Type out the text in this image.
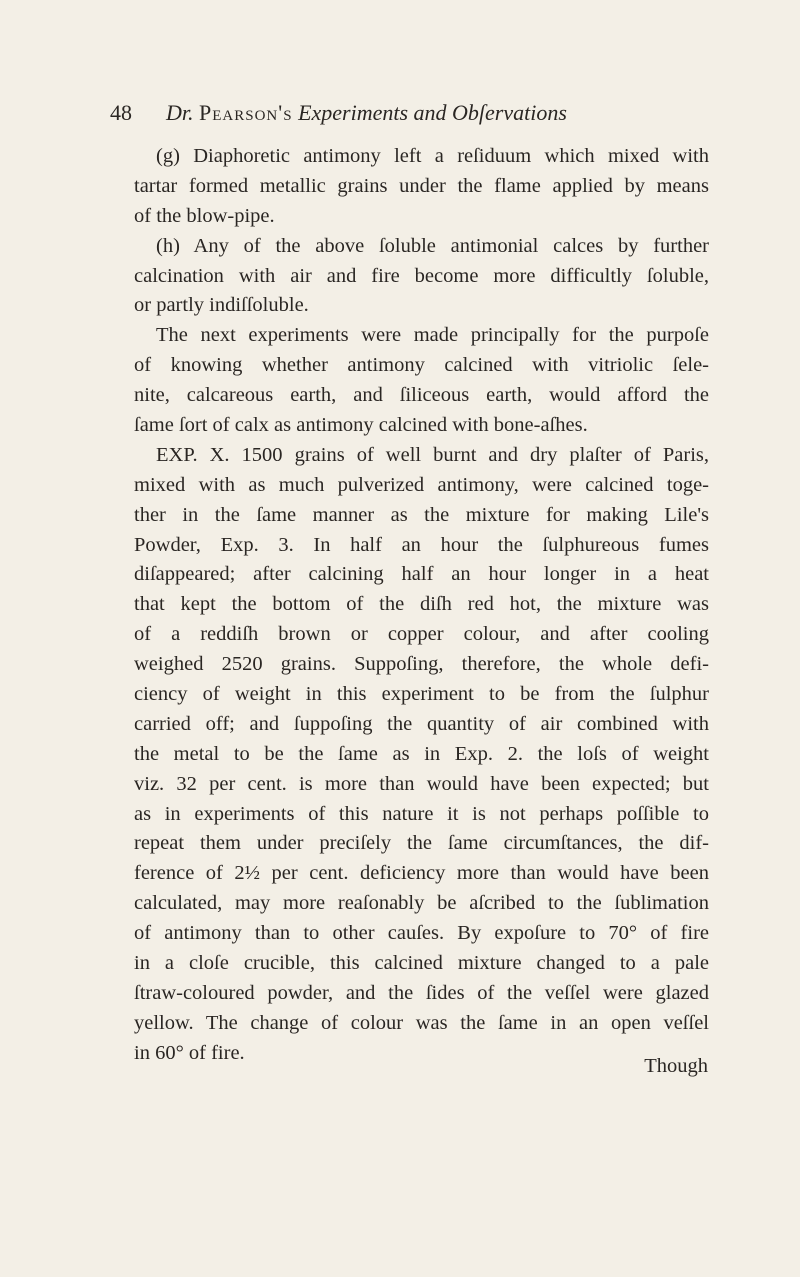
48 Dr. Pearson's Experiments and Obſervations
(g) Diaphoretic antimony left a reſiduum which mixed with
tartar formed metallic grains under the flame applied by means
of the blow-pipe.
(h) Any of the above ſoluble antimonial calces by further
calcination with air and fire become more difficultly ſoluble,
or partly indiſſoluble.
The next experiments were made principally for the purpoſe
of knowing whether antimony calcined with vitriolic ſele-
nite, calcareous earth, and ſiliceous earth, would afford the
ſame ſort of calx as antimony calcined with bone-aſhes.
EXP. X. 1500 grains of well burnt and dry plaſter of Paris,
mixed with as much pulverized antimony, were calcined toge-
ther in the ſame manner as the mixture for making Lile's
Powder, Exp. 3. In half an hour the ſulphureous fumes
diſappeared; after calcining half an hour longer in a heat
that kept the bottom of the diſh red hot, the mixture was
of a reddiſh brown or copper colour, and after cooling
weighed 2520 grains. Suppoſing, therefore, the whole defi-
ciency of weight in this experiment to be from the ſulphur
carried off; and ſuppoſing the quantity of air combined with
the metal to be the ſame as in Exp. 2. the loſs of weight
viz. 32 per cent. is more than would have been expected; but
as in experiments of this nature it is not perhaps poſſible to
repeat them under preciſely the ſame circumſtances, the dif-
ference of 2½ per cent. deficiency more than would have been
calculated, may more reaſonably be aſcribed to the ſublimation
of antimony than to other cauſes. By expoſure to 70° of fire
in a cloſe crucible, this calcined mixture changed to a pale
ſtraw-coloured powder, and the ſides of the veſſel were glazed
yellow. The change of colour was the ſame in an open veſſel
in 60° of fire.
Though
